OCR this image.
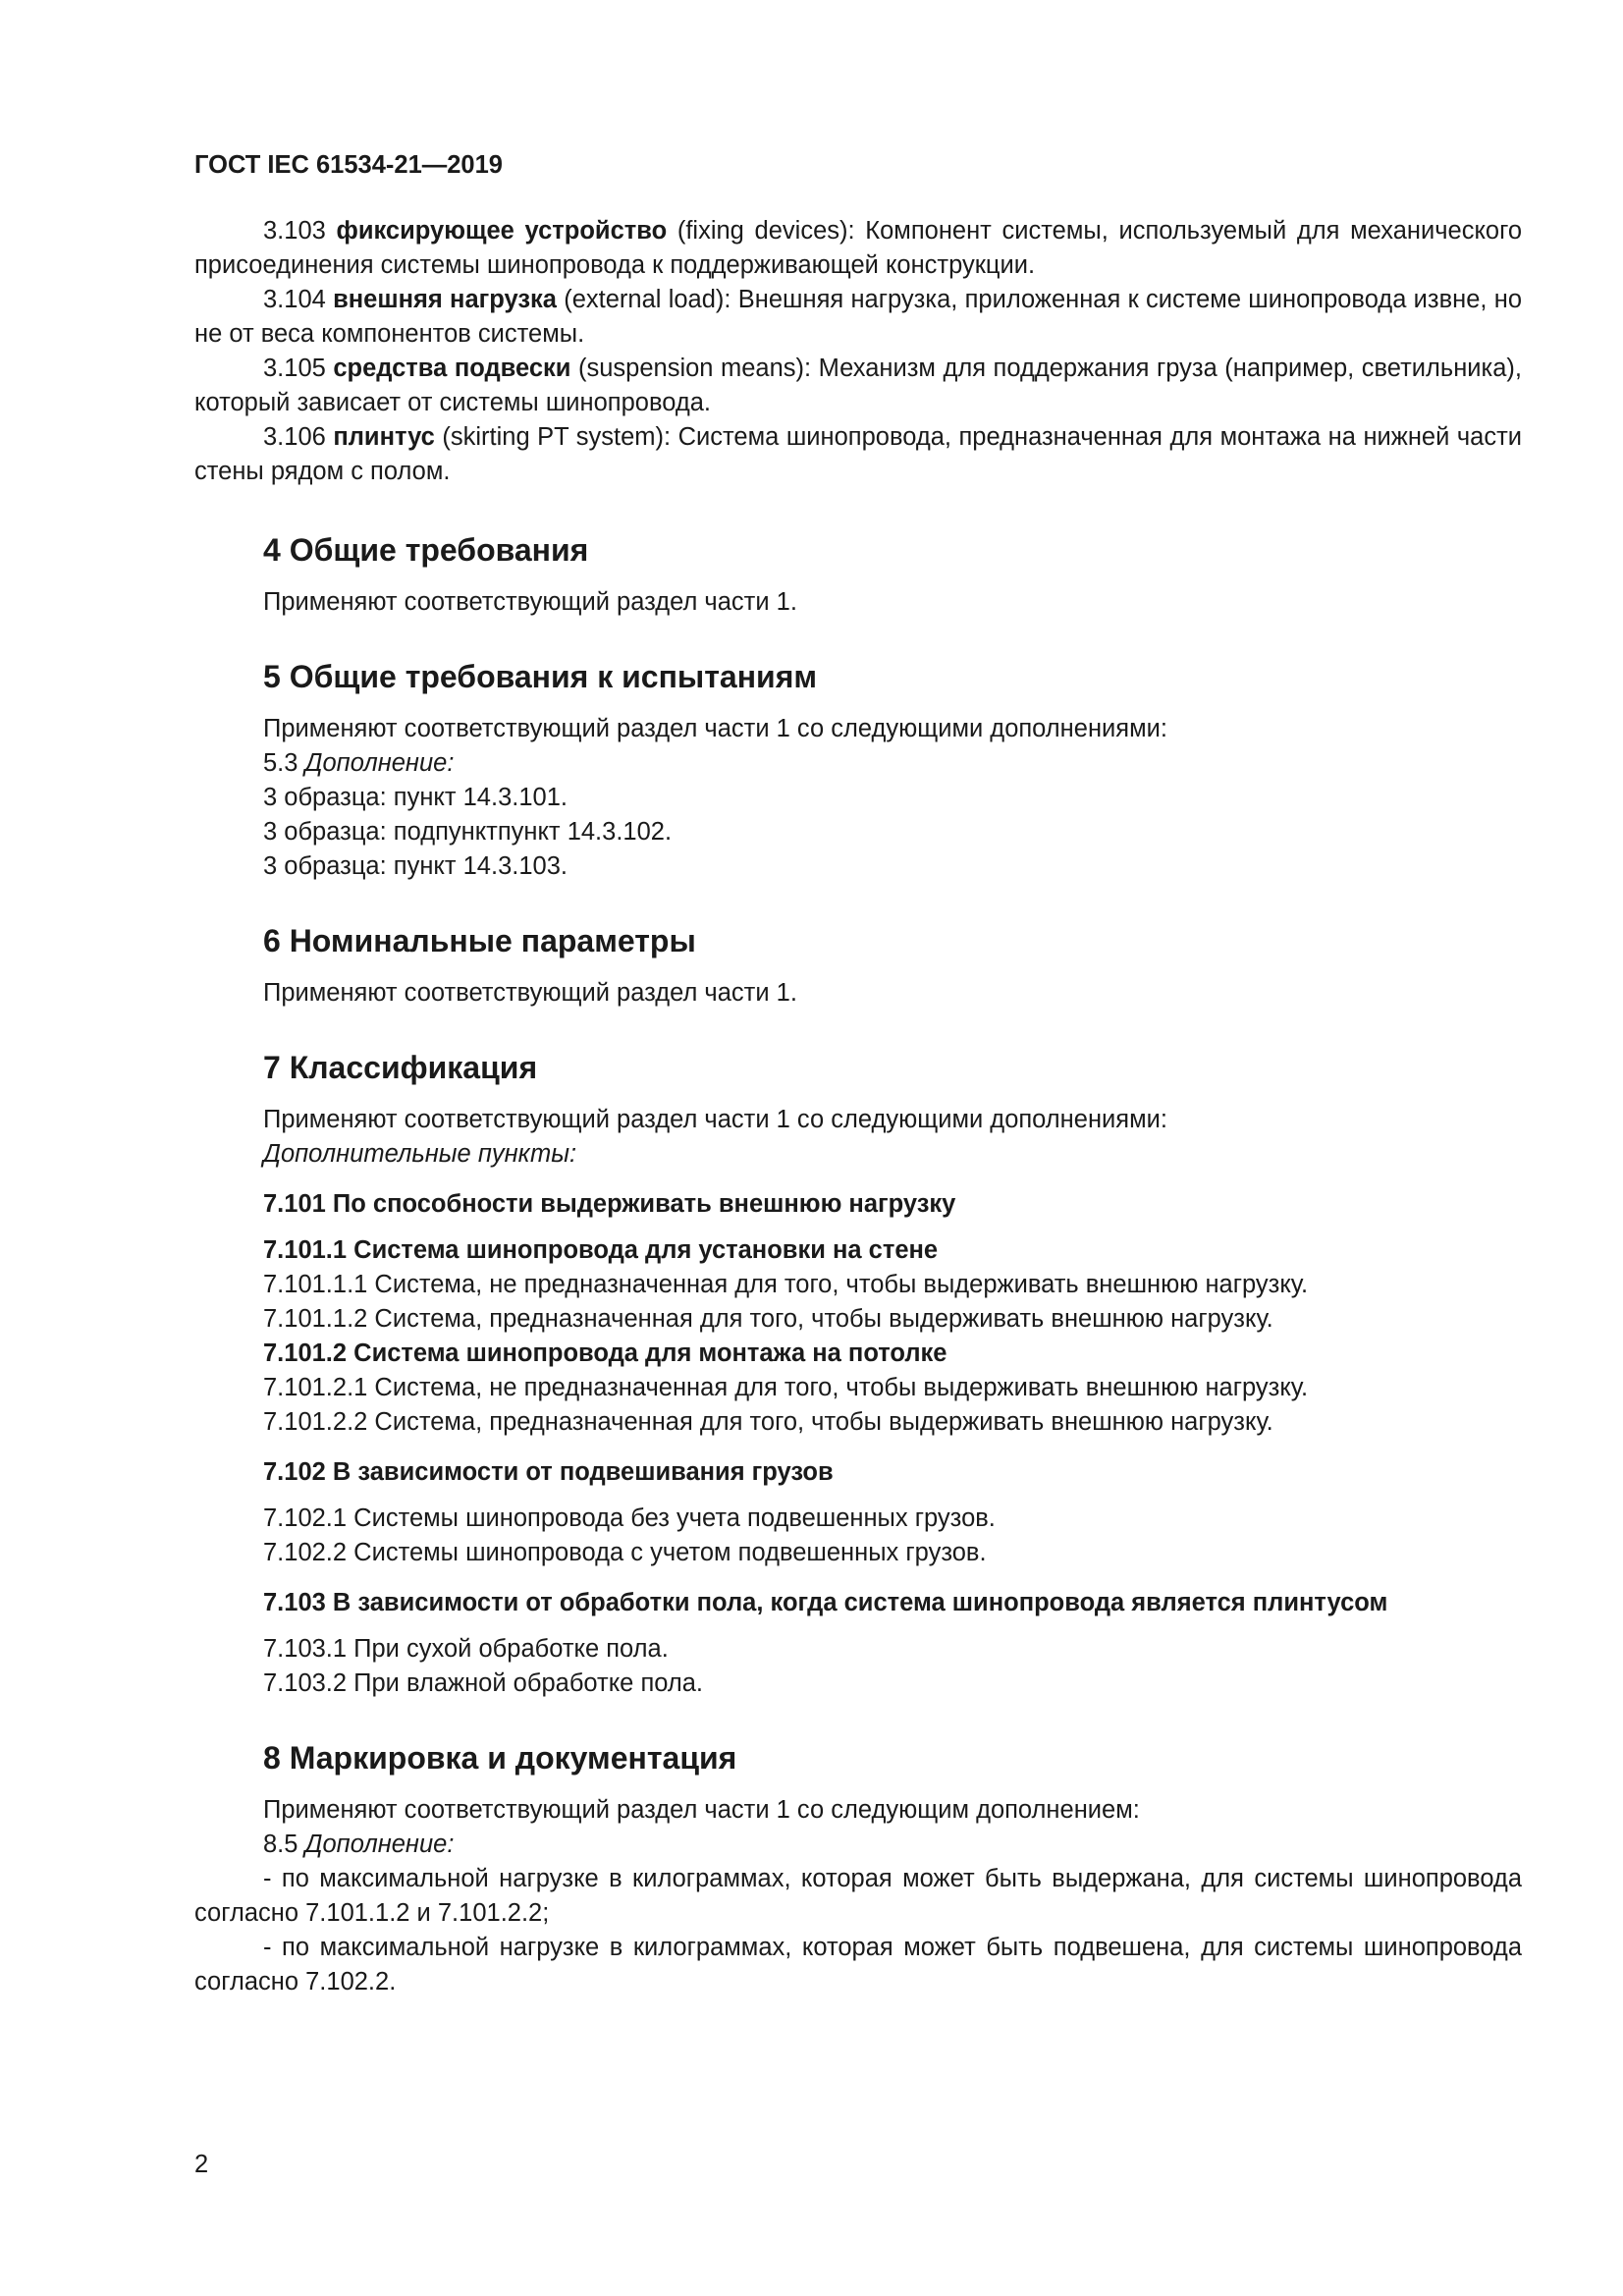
ГОСТ IEC 61534-21—2019

3.103 фиксирующее устройство (fixing devices): Компонент системы, используемый для механического присоединения системы шинопровода к поддерживающей конструкции.

3.104 внешняя нагрузка (external load): Внешняя нагрузка, приложенная к системе шинопровода извне, но не от веса компонентов системы.

3.105 средства подвески (suspension means): Механизм для поддержания груза (например, светильника), который зависает от системы шинопровода.

3.106 плинтус (skirting PT system): Система шинопровода, предназначенная для монтажа на нижней части стены рядом с полом.

4 Общие требования

Применяют соответствующий раздел части 1.

5 Общие требования к испытаниям

Применяют соответствующий раздел части 1 со следующими дополнениями:

5.3 Дополнение:

3 образца: пункт 14.3.101.

3 образца: подпунктпункт 14.3.102.

3 образца: пункт 14.3.103.

6 Номинальные параметры

Применяют соответствующий раздел части 1.

7 Классификация

Применяют соответствующий раздел части 1 со следующими дополнениями:

Дополнительные пункты:

7.101 По способности выдерживать внешнюю нагрузку
7.101.1 Система шинопровода для установки на стене

7.101.1.1 Система, не предназначенная для того, чтобы выдерживать внешнюю нагрузку.

7.101.1.2 Система, предназначенная для того, чтобы выдерживать внешнюю нагрузку.

7.101.2 Система шинопровода для монтажа на потолке

7.101.2.1 Система, не предназначенная для того, чтобы выдерживать внешнюю нагрузку.

7.101.2.2 Система, предназначенная для того, чтобы выдерживать внешнюю нагрузку.

7.102 В зависимости от подвешивания грузов

7.102.1 Системы шинопровода без учета подвешенных грузов.

7.102.2 Системы шинопровода с учетом подвешенных грузов.

7.103 В зависимости от обработки пола, когда система шинопровода является плинтусом

7.103.1 При сухой обработке пола.

7.103.2 При влажной обработке пола.

8 Маркировка и документация

Применяют соответствующий раздел части 1 со следующим дополнением:

8.5 Дополнение:

- по максимальной нагрузке в килограммах, которая может быть выдержана, для системы шинопровода согласно 7.101.1.2 и 7.101.2.2;

- по максимальной нагрузке в килограммах, которая может быть подвешена, для системы шинопровода согласно 7.102.2.

2
